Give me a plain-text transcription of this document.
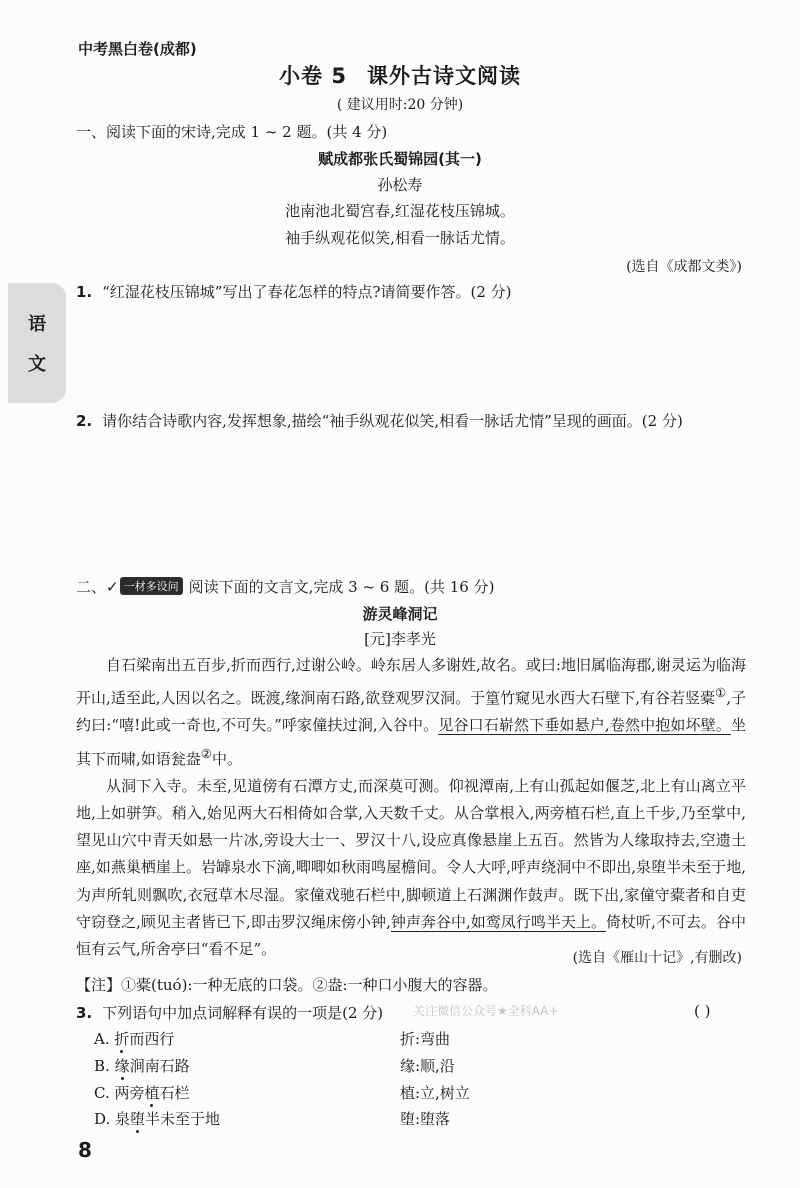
中考黑白卷(成都)
小卷 5 课外古诗文阅读
( 建议用时:20 分钟)
语
文
一、阅读下面的宋诗,完成 1 ~ 2 题。(共 4 分)
赋成都张氏蜀锦园(其一)
孙松寿
池南池北蜀宫春,红湿花枝压锦城。
袖手纵观花似笑,相看一脉话尤情。
(选自《成都文类》)
1. “红湿花枝压锦城”写出了春花怎样的特点?请简要作答。(2 分)
2. 请你结合诗歌内容,发挥想象,描绘“袖手纵观花似笑,相看一脉话尤情”呈现的画面。(2 分)
二、✓ 一材多设问 阅读下面的文言文,完成 3 ~ 6 题。(共 16 分)
游灵峰洞记
[元]李孝光

自石梁南出五百步,折而西行,过谢公岭。岭东居人多谢姓,故名。或曰:地旧属临海郡,谢灵运为临海开山,适至此,人因以名之。既渡,缘涧南石路,欲登观罗汉洞。于篁竹窥见水西大石壁下,有谷若竖橐①,子约曰:“嘻!此或一奇也,不可失。”呼家僮扶过涧,入谷中。见谷口石崭然下垂如悬户,卷然中抱如坏壁。坐其下而啸,如语瓮盎②中。

从洞下入寺。未至,见道傍有石潭方丈,而深莫可测。仰视潭南,上有山孤起如偃芝,北上有山离立平地,上如骈笋。稍入,始见两大石相倚如合掌,入天数千丈。从合掌根入,两旁植石栏,直上千步,乃至掌中,望见山穴中青天如悬一片冰,旁设大士一、罗汉十八,设应真像悬崖上五百。然皆为人缘取持去,空遗土座,如燕巢栖崖上。岩罅泉水下滴,唧唧如秋雨鸣屋檐间。令人大呼,呼声绕洞中不即出,泉堕半未至于地,为声所轧则飘吹,衣冠草木尽湿。家僮戏驰石栏中,脚顿道上石渊渊作鼓声。既下出,家僮守橐者和自吏守窃登之,顾见主者皆已下,即击罗汉绳床傍小钟,钟声奔谷中,如鸾凤行鸣半天上。倚杖听,不可去。谷中恒有云气,所舍亭曰“看不足”。	(选自《雁山十记》,有删改)
【注】①橐(tuó):一种无底的口袋。②盎:一种口小腹大的容器。
3. 下列语句中加点词解释有误的一项是(2 分) 关注微信公众号★全科AA+	( )
A. 折而西行	折:弯曲
B. 缘涧南石路	缘:顺,沿
C. 两旁植石栏	植:立,树立
D. 泉堕半未至于地	堕:堕落
8
